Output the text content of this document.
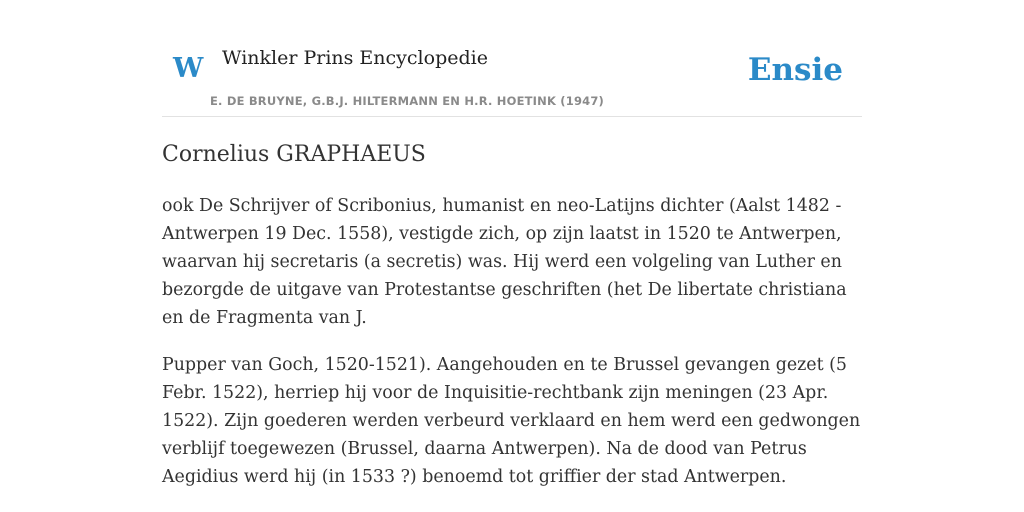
W Winkler Prins Encyclopedie
E. DE BRUYNE, G.B.J. HILTERMANN EN H.R. HOETINK (1947)
Ensie
Cornelius GRAPHAEUS

ook De Schrijver of Scribonius, humanist en neo-Latijns dichter (Aalst 1482 - Antwerpen 19 Dec. 1558), vestigde zich, op zijn laatst in 1520 te Antwerpen, waarvan hij secretaris (a secretis) was. Hij werd een volgeling van Luther en bezorgde de uitgave van Protestantse geschriften (het De libertate christiana en de Fragmenta van J.

Pupper van Goch, 1520-1521). Aangehouden en te Brussel gevangen gezet (5 Febr. 1522), herriep hij voor de Inquisitie-rechtbank zijn meningen (23 Apr. 1522). Zijn goederen werden verbeurd verklaard en hem werd een gedwongen verblijf toegewezen (Brussel, daarna Antwerpen). Na de dood van Petrus Aegidius werd hij (in 1533 ?) benoemd tot griffier der stad Antwerpen.
